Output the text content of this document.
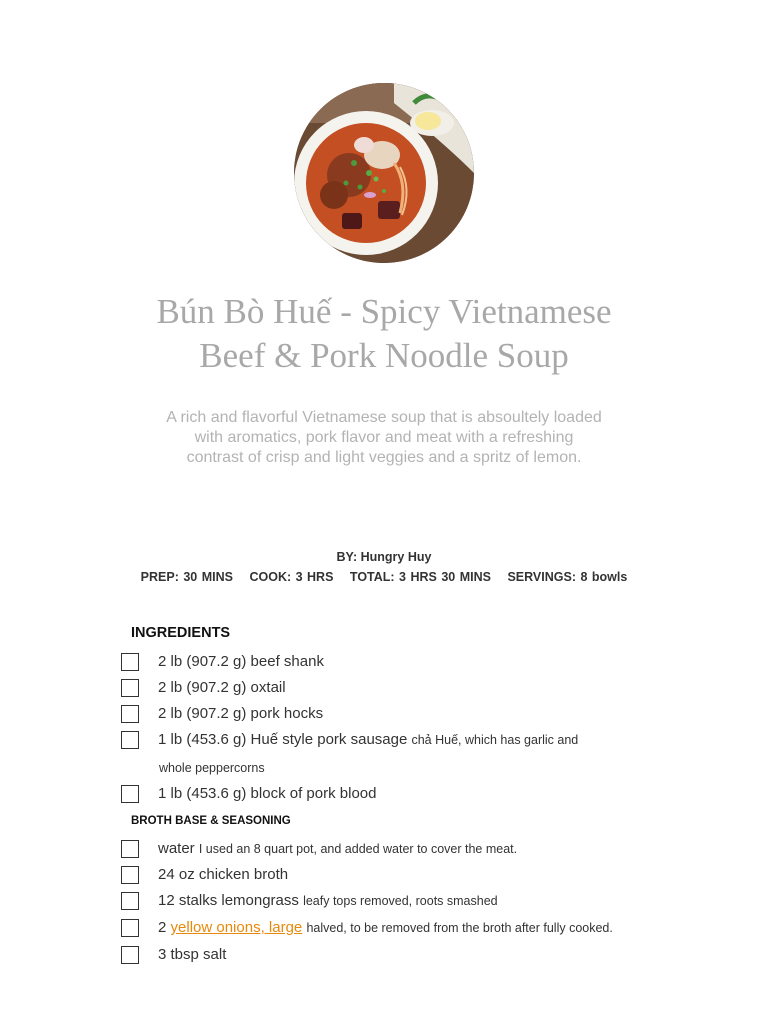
Bún Bò Huế - Spicy Vietnamese
Beef & Pork Noodle Soup

A rich and flavorful Vietnamese soup that is absoultely loaded with aromatics, pork flavor and meat with a refreshing contrast of crisp and light veggies and a spritz of lemon.

BY: Hungry Huy
PREP: 30 MINS COOK: 3 HRS TOTAL: 3 HRS 30 MINS SERVINGS: 8 bowls
INGREDIENTS
2 lb (907.2 g) beef shank
2 lb (907.2 g) oxtail
2 lb (907.2 g) pork hocks
1 lb (453.6 g) Huế style pork sausage chả Huế, which has garlic and
whole peppercorns
1 lb (453.6 g) block of pork blood
BROTH BASE & SEASONING
water I used an 8 quart pot, and added water to cover the meat.
24 oz chicken broth
12 stalks lemongrass leafy tops removed, roots smashed
2 yellow onions, large halved, to be removed from the broth after fully cooked.
3 tbsp salt
